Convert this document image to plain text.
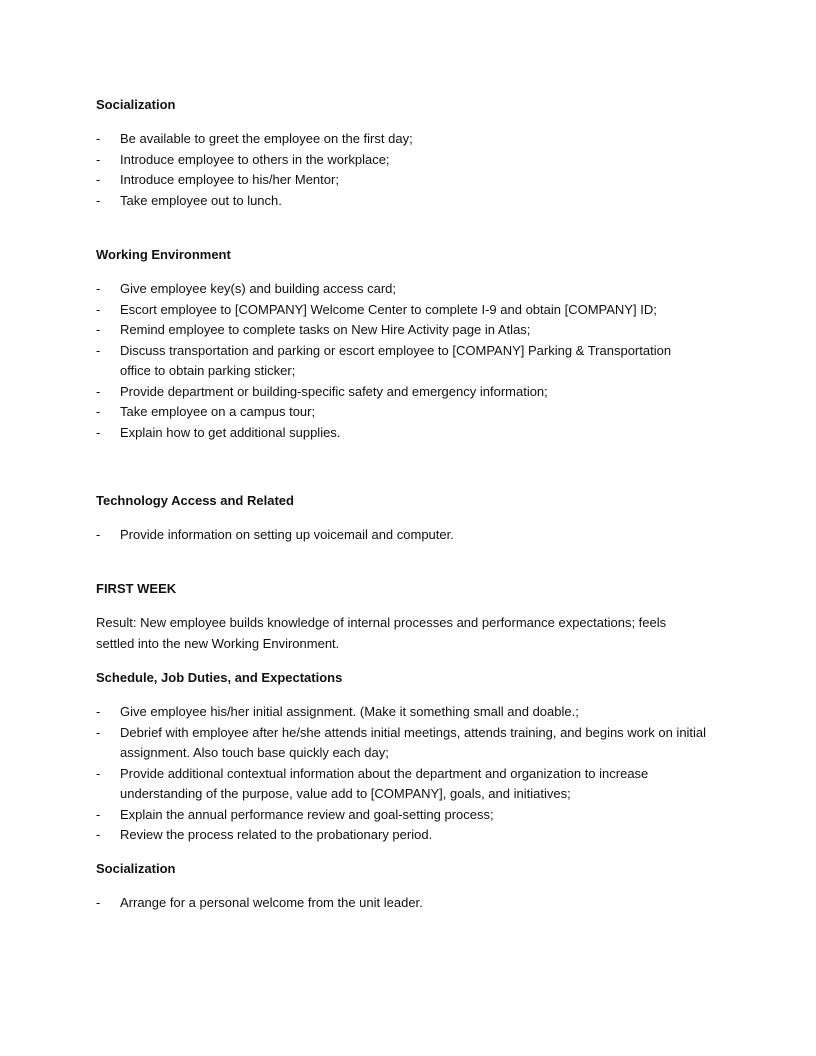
Socialization
- Be available to greet the employee on the first day;
- Introduce employee to others in the workplace;
- Introduce employee to his/her Mentor;
- Take employee out to lunch.
Working Environment
- Give employee key(s) and building access card;
- Escort employee to [COMPANY] Welcome Center to complete I-9 and obtain [COMPANY] ID;
- Remind employee to complete tasks on New Hire Activity page in Atlas;
- Discuss transportation and parking or escort employee to [COMPANY] Parking & Transportation office to obtain parking sticker;
- Provide department or building-specific safety and emergency information;
- Take employee on a campus tour;
- Explain how to get additional supplies.
Technology Access and Related
- Provide information on setting up voicemail and computer.
FIRST WEEK
Result: New employee builds knowledge of internal processes and performance expectations; feels settled into the new Working Environment.
Schedule, Job Duties, and Expectations
- Give employee his/her initial assignment. (Make it something small and doable.;
- Debrief with employee after he/she attends initial meetings, attends training, and begins work on initial assignment. Also touch base quickly each day;
- Provide additional contextual information about the department and organization to increase understanding of the purpose, value add to [COMPANY], goals, and initiatives;
- Explain the annual performance review and goal-setting process;
- Review the process related to the probationary period.
Socialization
- Arrange for a personal welcome from the unit leader.
